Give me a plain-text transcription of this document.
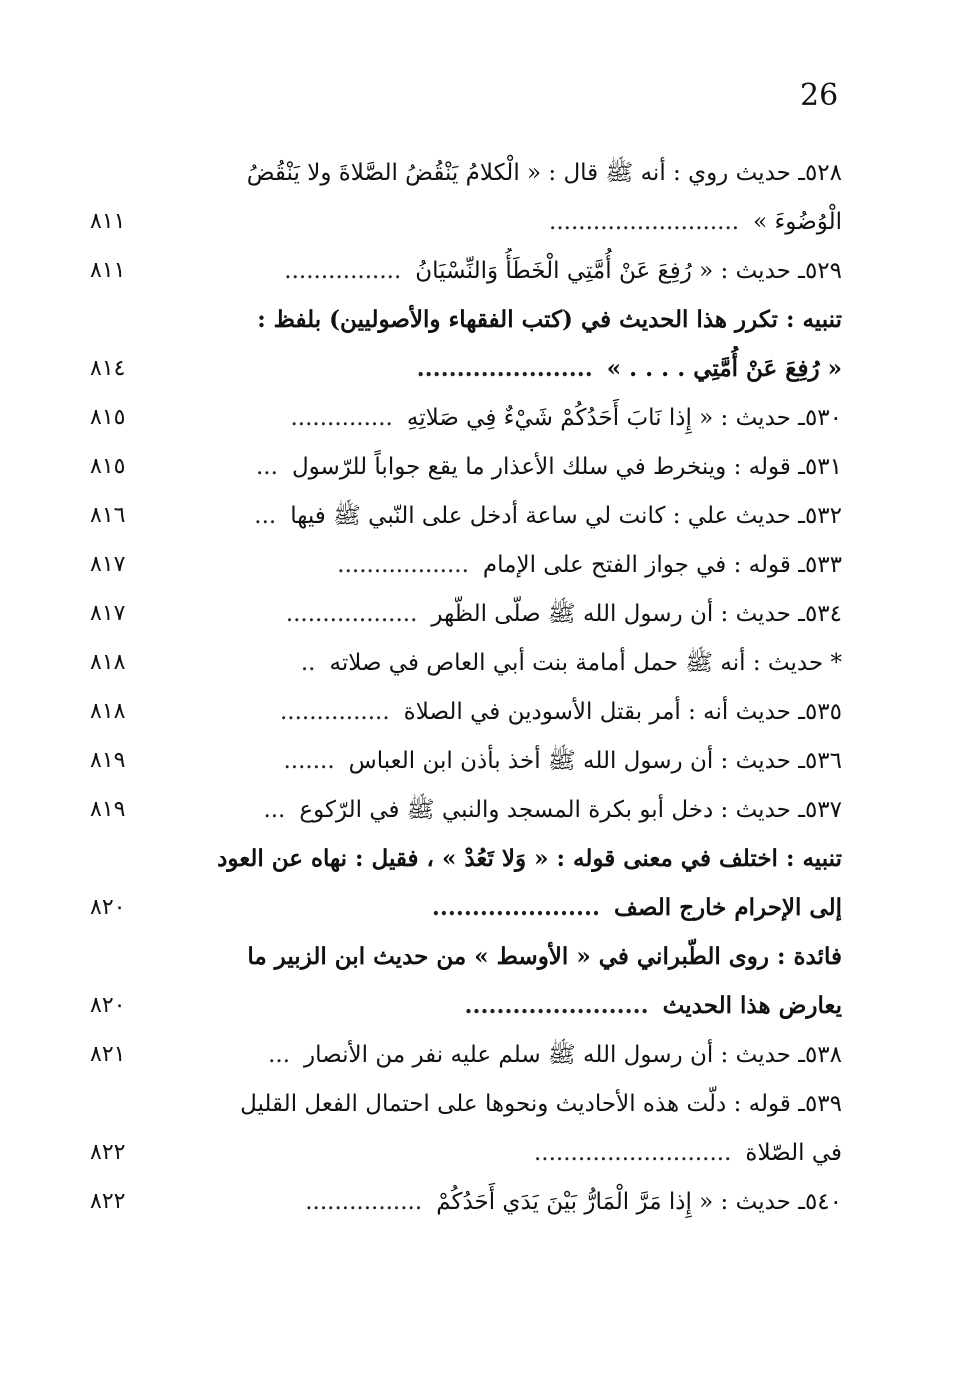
26
٥٢٨ـ حديث روي : أنه ﷺ قال : « الْكلامُ يَنْقُضُ الصَّلاةَ ولا يَنْقُضُ
الْوُضُوءَ »..........................
٨١١
٥٢٩ـ حديث : « رُفِعَ عَنْ أُمَّتِي الْخَطَأُ وَالنِّسْيَانُ................
٨١١
تنبيه : تكرر هذا الحديث في (كتب الفقهاء والأصوليين) بلفظ :
« رُفِعَ عَنْ أُمَّتِي . . . . »......................
٨١٤
٥٣٠ـ حديث : « إِذا نَابَ أَحَدُكُمْ شَيْءٌ فِي صَلاتِهِ..............
٨١٥
٥٣١ـ قوله : وينخرط في سلك الأعذار ما يقع جواباً للرّسول...
٨١٥
٥٣٢ـ حديث علي : كانت لي ساعة أدخل على النّبي ﷺ فيها...
٨١٦
٥٣٣ـ قوله : في جواز الفتح على الإمام..................
٨١٧
٥٣٤ـ حديث : أن رسول الله ﷺ صلّى الظّهر..................
٨١٧
* حديث : أنه ﷺ حمل أمامة بنت أبي العاص في صلاته..
٨١٨
٥٣٥ـ حديث أنه : أمر بقتل الأسودين في الصلاة...............
٨١٨
٥٣٦ـ حديث : أن رسول الله ﷺ أخذ بأذن ابن العباس.......
٨١٩
٥٣٧ـ حديث : دخل أبو بكرة المسجد والنبي ﷺ في الرّكوع...
٨١٩
تنبيه : اختلف في معنى قوله : « وَلا تَعُدْ » ، فقيل : نهاه عن العود
إلى الإحرام خارج الصف.....................
٨٢٠
فائدة : روى الطّبراني في « الأوسط » من حديث ابن الزبير ما
يعارض هذا الحديث.......................
٨٢٠
٥٣٨ـ حديث : أن رسول الله ﷺ سلم عليه نفر من الأنصار...
٨٢١
٥٣٩ـ قوله : دلّت هذه الأحاديث ونحوها على احتمال الفعل القليل
في الصّلاة...........................
٨٢٢
٥٤٠ـ حديث : « إِذا مَرَّ الْمَارُّ بَيْنَ يَدَي أَحَدُكُمْ................
٨٢٢
